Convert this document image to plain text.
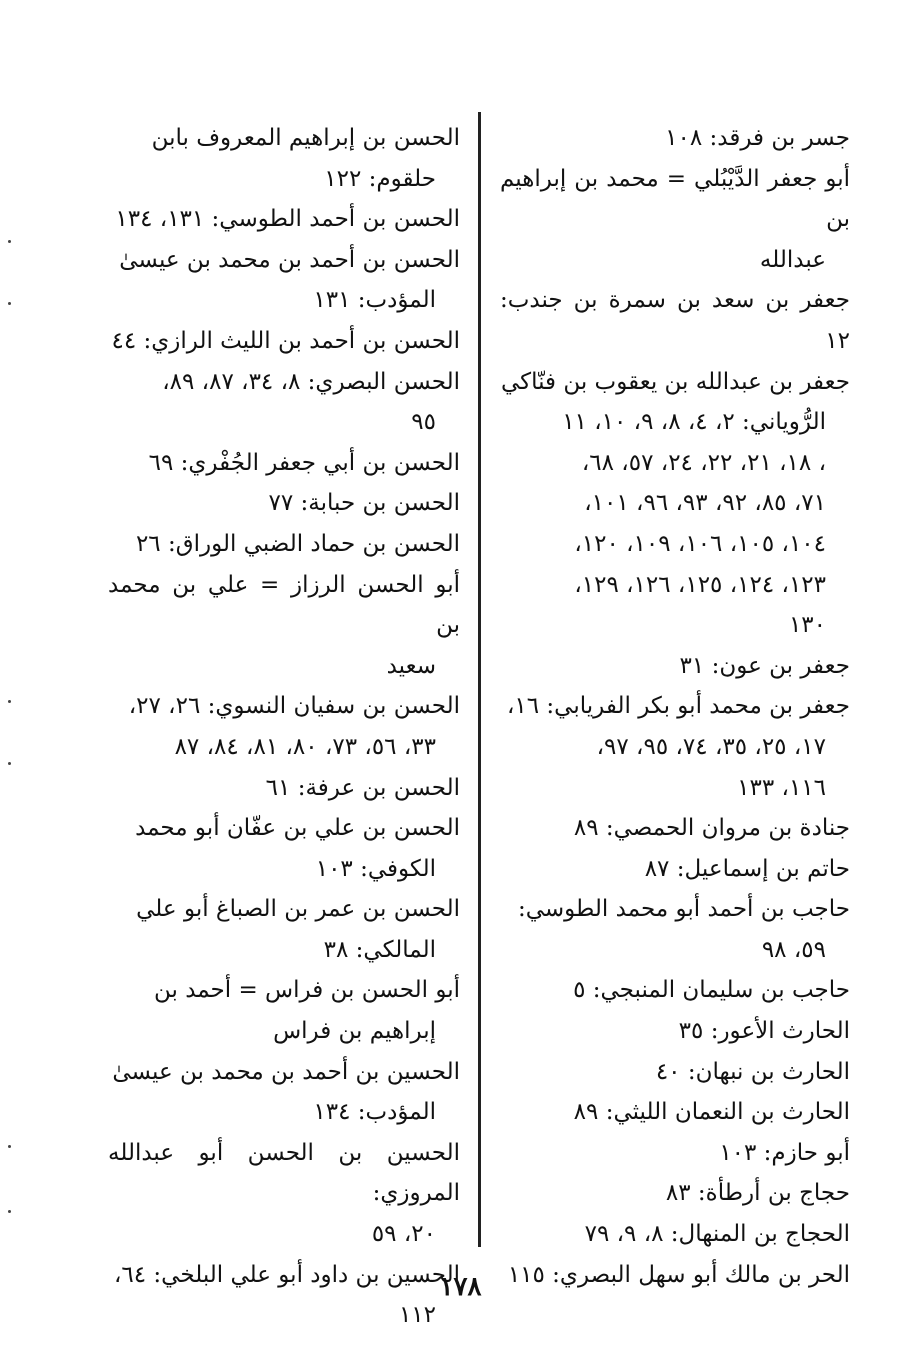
جسر بن فرقد: ١٠٨

أبو جعفر الدَّيْبُلي = محمد بن إبراهيم بن
عبدالله

جعفر بن سعد بن سمرة بن جندب: ١٢

جعفر بن عبدالله بن يعقوب بن فنّاكي
الرُّوياني: ٢، ٤، ٨، ٩، ١٠، ١١
، ١٨، ٢١، ٢٢، ٢٤، ٥٧، ٦٨،
٧١، ٨٥، ٩٢، ٩٣، ٩٦، ١٠١،
١٠٤، ١٠٥، ١٠٦، ١٠٩، ١٢٠،
١٢٣، ١٢٤، ١٢٥، ١٢٦، ١٢٩،
١٣٠

جعفر بن عون: ٣١

جعفر بن محمد أبو بكر الفريابي: ١٦،
١٧، ٢٥، ٣٥، ٧٤، ٩٥، ٩٧،
١١٦، ١٣٣

جنادة بن مروان الحمصي: ٨٩

حاتم بن إسماعيل: ٨٧

حاجب بن أحمد أبو محمد الطوسي:
٥٩، ٩٨

حاجب بن سليمان المنبجي: ٥

الحارث الأعور: ٣٥

الحارث بن نبهان: ٤٠

الحارث بن النعمان الليثي: ٨٩

أبو حازم: ١٠٣

حجاج بن أرطأة: ٨٣

الحجاج بن المنهال: ٨، ٩، ٧٩

الحر بن مالك أبو سهل البصري: ١١٥

الحسن بن إبراهيم المعروف بابن
حلقوم: ١٢٢

الحسن بن أحمد الطوسي: ١٣١، ١٣٤

الحسن بن أحمد بن محمد بن عيسىٰ
المؤدب: ١٣١

الحسن بن أحمد بن الليث الرازي: ٤٤

الحسن البصري: ٨، ٣٤، ٨٧، ٨٩،
٩٥

الحسن بن أبي جعفر الجُفْري: ٦٩

الحسن بن حبابة: ٧٧

الحسن بن حماد الضبي الوراق: ٢٦

أبو الحسن الرزاز = علي بن محمد بن
سعيد

الحسن بن سفيان النسوي: ٢٦، ٢٧،
٣٣، ٥٦، ٧٣، ٨٠، ٨١، ٨٤، ٨٧

الحسن بن عرفة: ٦١

الحسن بن علي بن عفّان أبو محمد
الكوفي: ١٠٣

الحسن بن عمر بن الصباغ أبو علي
المالكي: ٣٨

أبو الحسن بن فراس = أحمد بن
إبراهيم بن فراس

الحسين بن أحمد بن محمد بن عيسىٰ
المؤدب: ١٣٤

الحسين بن الحسن أبو عبدالله المروزي:
٢٠، ٥٩

الحسين بن داود أبو علي البلخي: ٦٤،
١١٢

١٧٨
